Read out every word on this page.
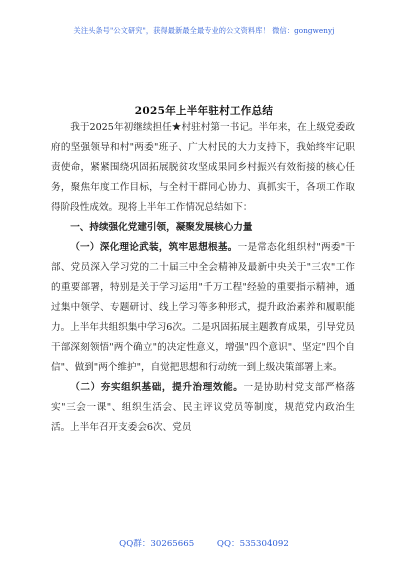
关注头条号"公文研究"，获得最新最全最专业的公文资料库！ 微信：gongwenyj
2025年上半年驻村工作总结

我于2025年初继续担任★村驻村第一书记。半年来，在上级党委政府的坚强领导和村"两委"班子、广大村民的大力支持下，我始终牢记职责使命，紧紧围绕巩固拓展脱贫攻坚成果同乡村振兴有效衔接的核心任务，聚焦年度工作目标，与全村干群同心协力、真抓实干，各项工作取得阶段性成效。现将上半年工作情况总结如下：

一、持续强化党建引领，凝聚发展核心力量

（一）深化理论武装，筑牢思想根基。一是常态化组织村"两委"干部、党员深入学习党的二十届三中全会精神及最新中央关于"三农"工作的重要部署，特别是关于学习运用"千万工程"经验的重要指示精神，通过集中领学、专题研讨、线上学习等多种形式，提升政治素养和履职能力。上半年共组织集中学习6次。二是巩固拓展主题教育成果，引导党员干部深刻领悟"两个确立"的决定性意义，增强"四个意识"、坚定"四个自信"、做到"两个维护"，自觉把思想和行动统一到上级决策部署上来。

（二）夯实组织基础，提升治理效能。一是协助村党支部严格落实"三会一课"、组织生活会、民主评议党员等制度，规范党内政治生活。上半年召开支委会6次、党员

QQ群：30265665	QQ：535304092
